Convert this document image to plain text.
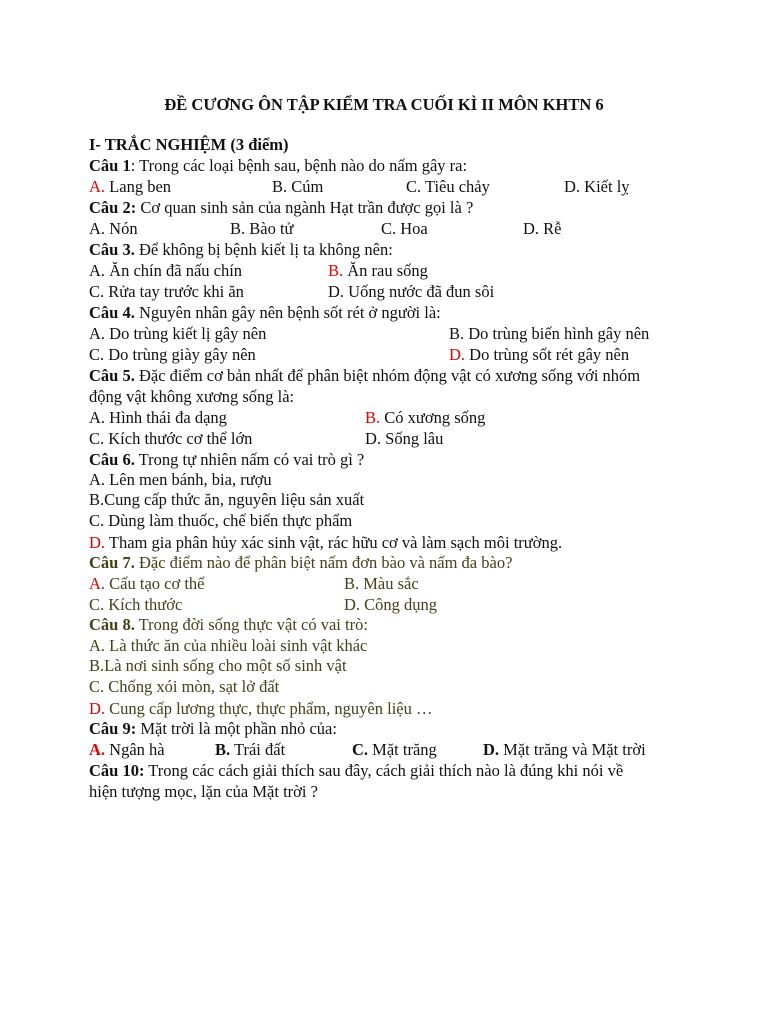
ĐỀ CƯƠNG ÔN TẬP KIỂM TRA CUỐI KÌ II MÔN KHTN 6
I- TRẮC NGHIỆM (3 điểm)
Câu 1: Trong các loại bệnh sau, bệnh nào do nấm gây ra:
A. Lang ben	B. Cúm	C. Tiêu chảy	D. Kiết lỵ
Câu 2: Cơ quan sinh sản của ngành Hạt trần được gọi là ?
A. Nón	B. Bào tử	C. Hoa	D. Rễ
Câu 3. Để không bị bệnh kiết lị ta không nên:
A. Ăn chín đã nấu chín	B. Ăn rau sống
C. Rửa tay trước khi ăn	D. Uống nước đã đun sôi
Câu 4. Nguyên nhân gây nên bệnh sốt rét ở người là:
A. Do trùng kiết lị gây nên	B. Do trùng biến hình gây nên
C. Do trùng giày gây nên	D. Do trùng sốt rét gây nên
Câu 5. Đặc điểm cơ bản nhất để phân biệt nhóm động vật có xương sống với nhóm
động vật không xương sống là:
A. Hình thái đa dạng	B. Có xương sống
C. Kích thước cơ thể lớn	D. Sống lâu
Câu 6. Trong tự nhiên nấm có vai trò gì ?
A. Lên men bánh, bia, rượu
B.Cung cấp thức ăn, nguyên liệu sản xuất
C. Dùng làm thuốc, chế biến thực phẩm
D. Tham gia phân hủy xác sinh vật, rác hữu cơ và làm sạch môi trường.
Câu 7. Đặc điểm nào để phân biệt nấm đơn bào và nấm đa bào?
A. Cấu tạo cơ thể	B. Màu sắc
C. Kích thước	D. Công dụng
Câu 8. Trong đời sống thực vật có vai trò:
A. Là thức ăn của nhiều loài sinh vật khác
B.Là nơi sinh sống cho một số sinh vật
C. Chống xói mòn, sạt lở đất
D. Cung cấp lương thực, thực phẩm, nguyên liệu …
Câu 9: Mặt trời là một phần nhỏ của:
A. Ngân hà	B. Trái đất	C. Mặt trăng	D. Mặt trăng và Mặt trời
Câu 10: Trong các cách giải thích sau đây, cách giải thích nào là đúng khi nói về
hiện tượng mọc, lặn của Mặt trời ?
